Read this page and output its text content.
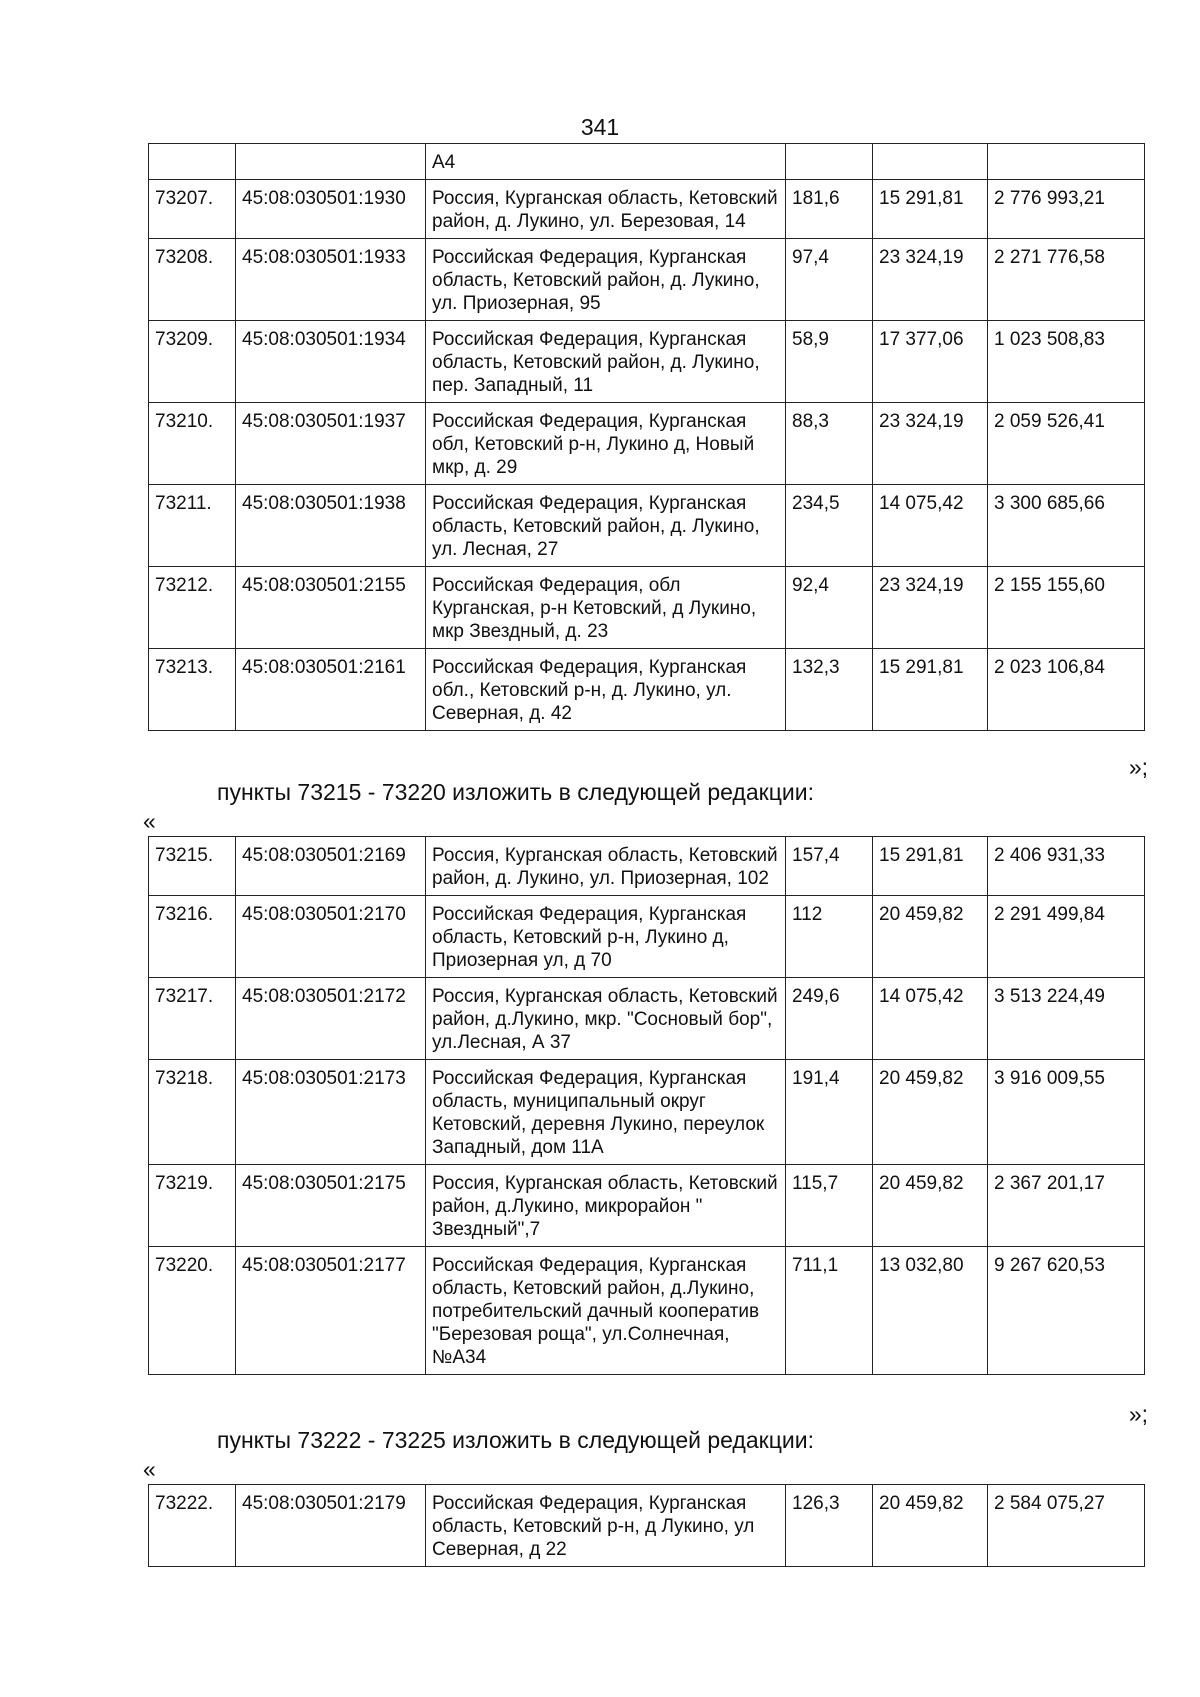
341
		А4			
73207.	45:08:030501:1930	Россия, Курганская область, Кетовский район, д. Лукино, ул. Березовая, 14	181,6	15 291,81	2 776 993,21
73208.	45:08:030501:1933	Российская Федерация, Курганская область, Кетовский район, д. Лукино, ул. Приозерная, 95	97,4	23 324,19	2 271 776,58
73209.	45:08:030501:1934	Российская Федерация, Курганская область, Кетовский район, д. Лукино, пер. Западный, 11	58,9	17 377,06	1 023 508,83
73210.	45:08:030501:1937	Российская Федерация, Курганская обл, Кетовский р-н, Лукино д, Новый мкр, д. 29	88,3	23 324,19	2 059 526,41
73211.	45:08:030501:1938	Российская Федерация, Курганская область, Кетовский район, д. Лукино, ул. Лесная, 27	234,5	14 075,42	3 300 685,66
73212.	45:08:030501:2155	Российская Федерация, обл Курганская, р-н Кетовский, д Лукино, мкр Звездный, д. 23	92,4	23 324,19	2 155 155,60
73213.	45:08:030501:2161	Российская Федерация, Курганская обл., Кетовский р-н, д. Лукино, ул. Северная, д. 42	132,3	15 291,81	2 023 106,84
»;
пункты 73215 - 73220 изложить в следующей редакции:
«
73215.	45:08:030501:2169	Россия, Курганская область, Кетовский район, д. Лукино, ул. Приозерная, 102	157,4	15 291,81	2 406 931,33
73216.	45:08:030501:2170	Российская Федерация, Курганская область, Кетовский р-н, Лукино д, Приозерная ул, д 70	112	20 459,82	2 291 499,84
73217.	45:08:030501:2172	Россия, Курганская область, Кетовский район, д.Лукино, мкр. "Сосновый бор", ул.Лесная, А 37	249,6	14 075,42	3 513 224,49
73218.	45:08:030501:2173	Российская Федерация, Курганская область, муниципальный округ Кетовский, деревня Лукино, переулок Западный, дом 11А	191,4	20 459,82	3 916 009,55
73219.	45:08:030501:2175	Россия, Курганская область, Кетовский район, д.Лукино, микрорайон " Звездный",7	115,7	20 459,82	2 367 201,17
73220.	45:08:030501:2177	Российская Федерация, Курганская область, Кетовский район, д.Лукино, потребительский дачный кооператив "Березовая роща", ул.Солнечная, №А34	711,1	13 032,80	9 267 620,53
»;
пункты 73222 - 73225 изложить в следующей редакции:
«
73222.	45:08:030501:2179	Российская Федерация, Курганская область, Кетовский р-н, д Лукино, ул Северная, д 22	126,3	20 459,82	2 584 075,27
